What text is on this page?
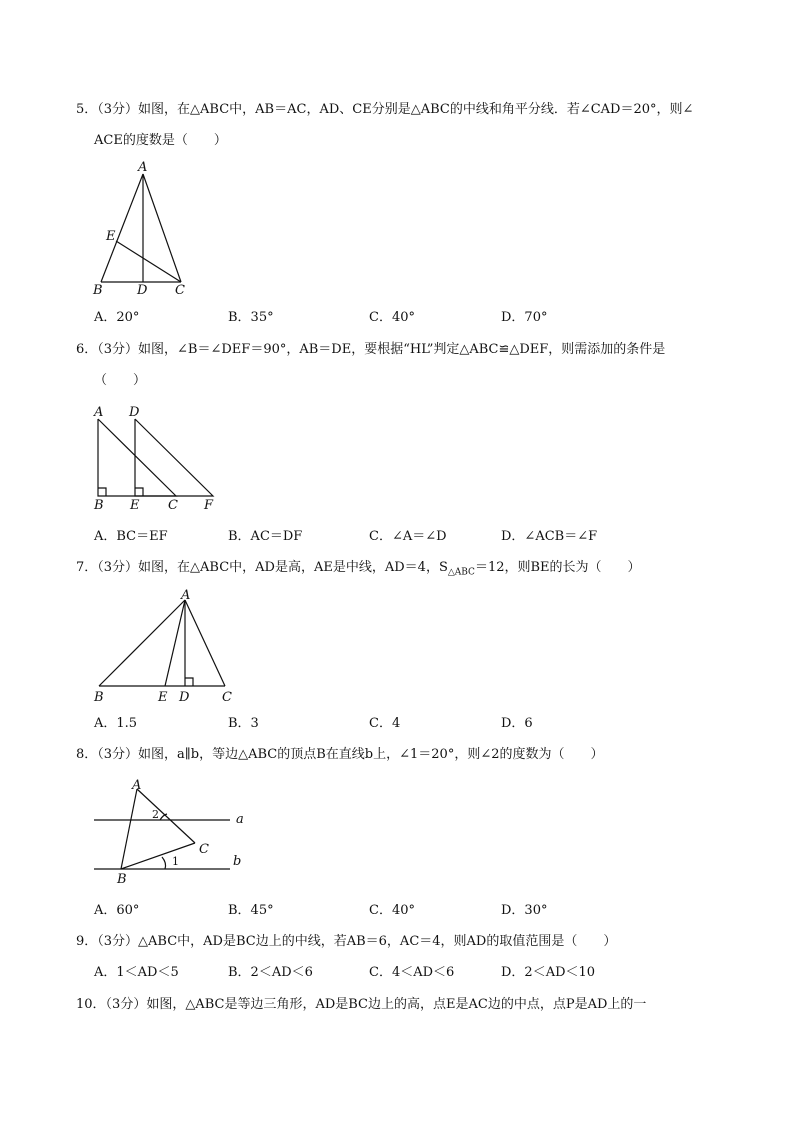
5．（3分）如图，在△ABC中，AB＝AC，AD、CE分别是△ABC的中线和角平分线．若∠CAD＝20°，则∠
ACE的度数是（　　）
A
B	C
D
E
A．20°	B．35°	C．40°	D．70°
6．（3分）如图，∠B＝∠DEF＝90°，AB＝DE，要根据“HL”判定△ABC≌△DEF，则需添加的条件是
（　　）
A D
B E C F
A．BC＝EF	B．AC＝DF	C．∠A＝∠D	D．∠ACB＝∠F
7．（3分）如图，在△ABC中，AD是高，AE是中线，AD＝4，$S_{\triangle ABC}=12$，则BE的长为（　　）
A
B	E D	C
A．1.5	B．3	C．4	D．6
8．（3分）如图，a∥b，等边△ABC的顶点B在直线b上，∠1＝20°，则∠2的度数为（　　）
A
B
C
a
b
1
2
A．60°	B．45°	C．40°	D．30°
9．（3分）△ABC中，AD是BC边上的中线，若AB＝6，AC＝4，则AD的取值范围是（　　）
A．1＜AD＜5	B．2＜AD＜6	C．4＜AD＜6	D．2＜AD＜10
10．（3分）如图，△ABC是等边三角形，AD是BC边上的高，点E是AC边的中点，点P是AD上的一
